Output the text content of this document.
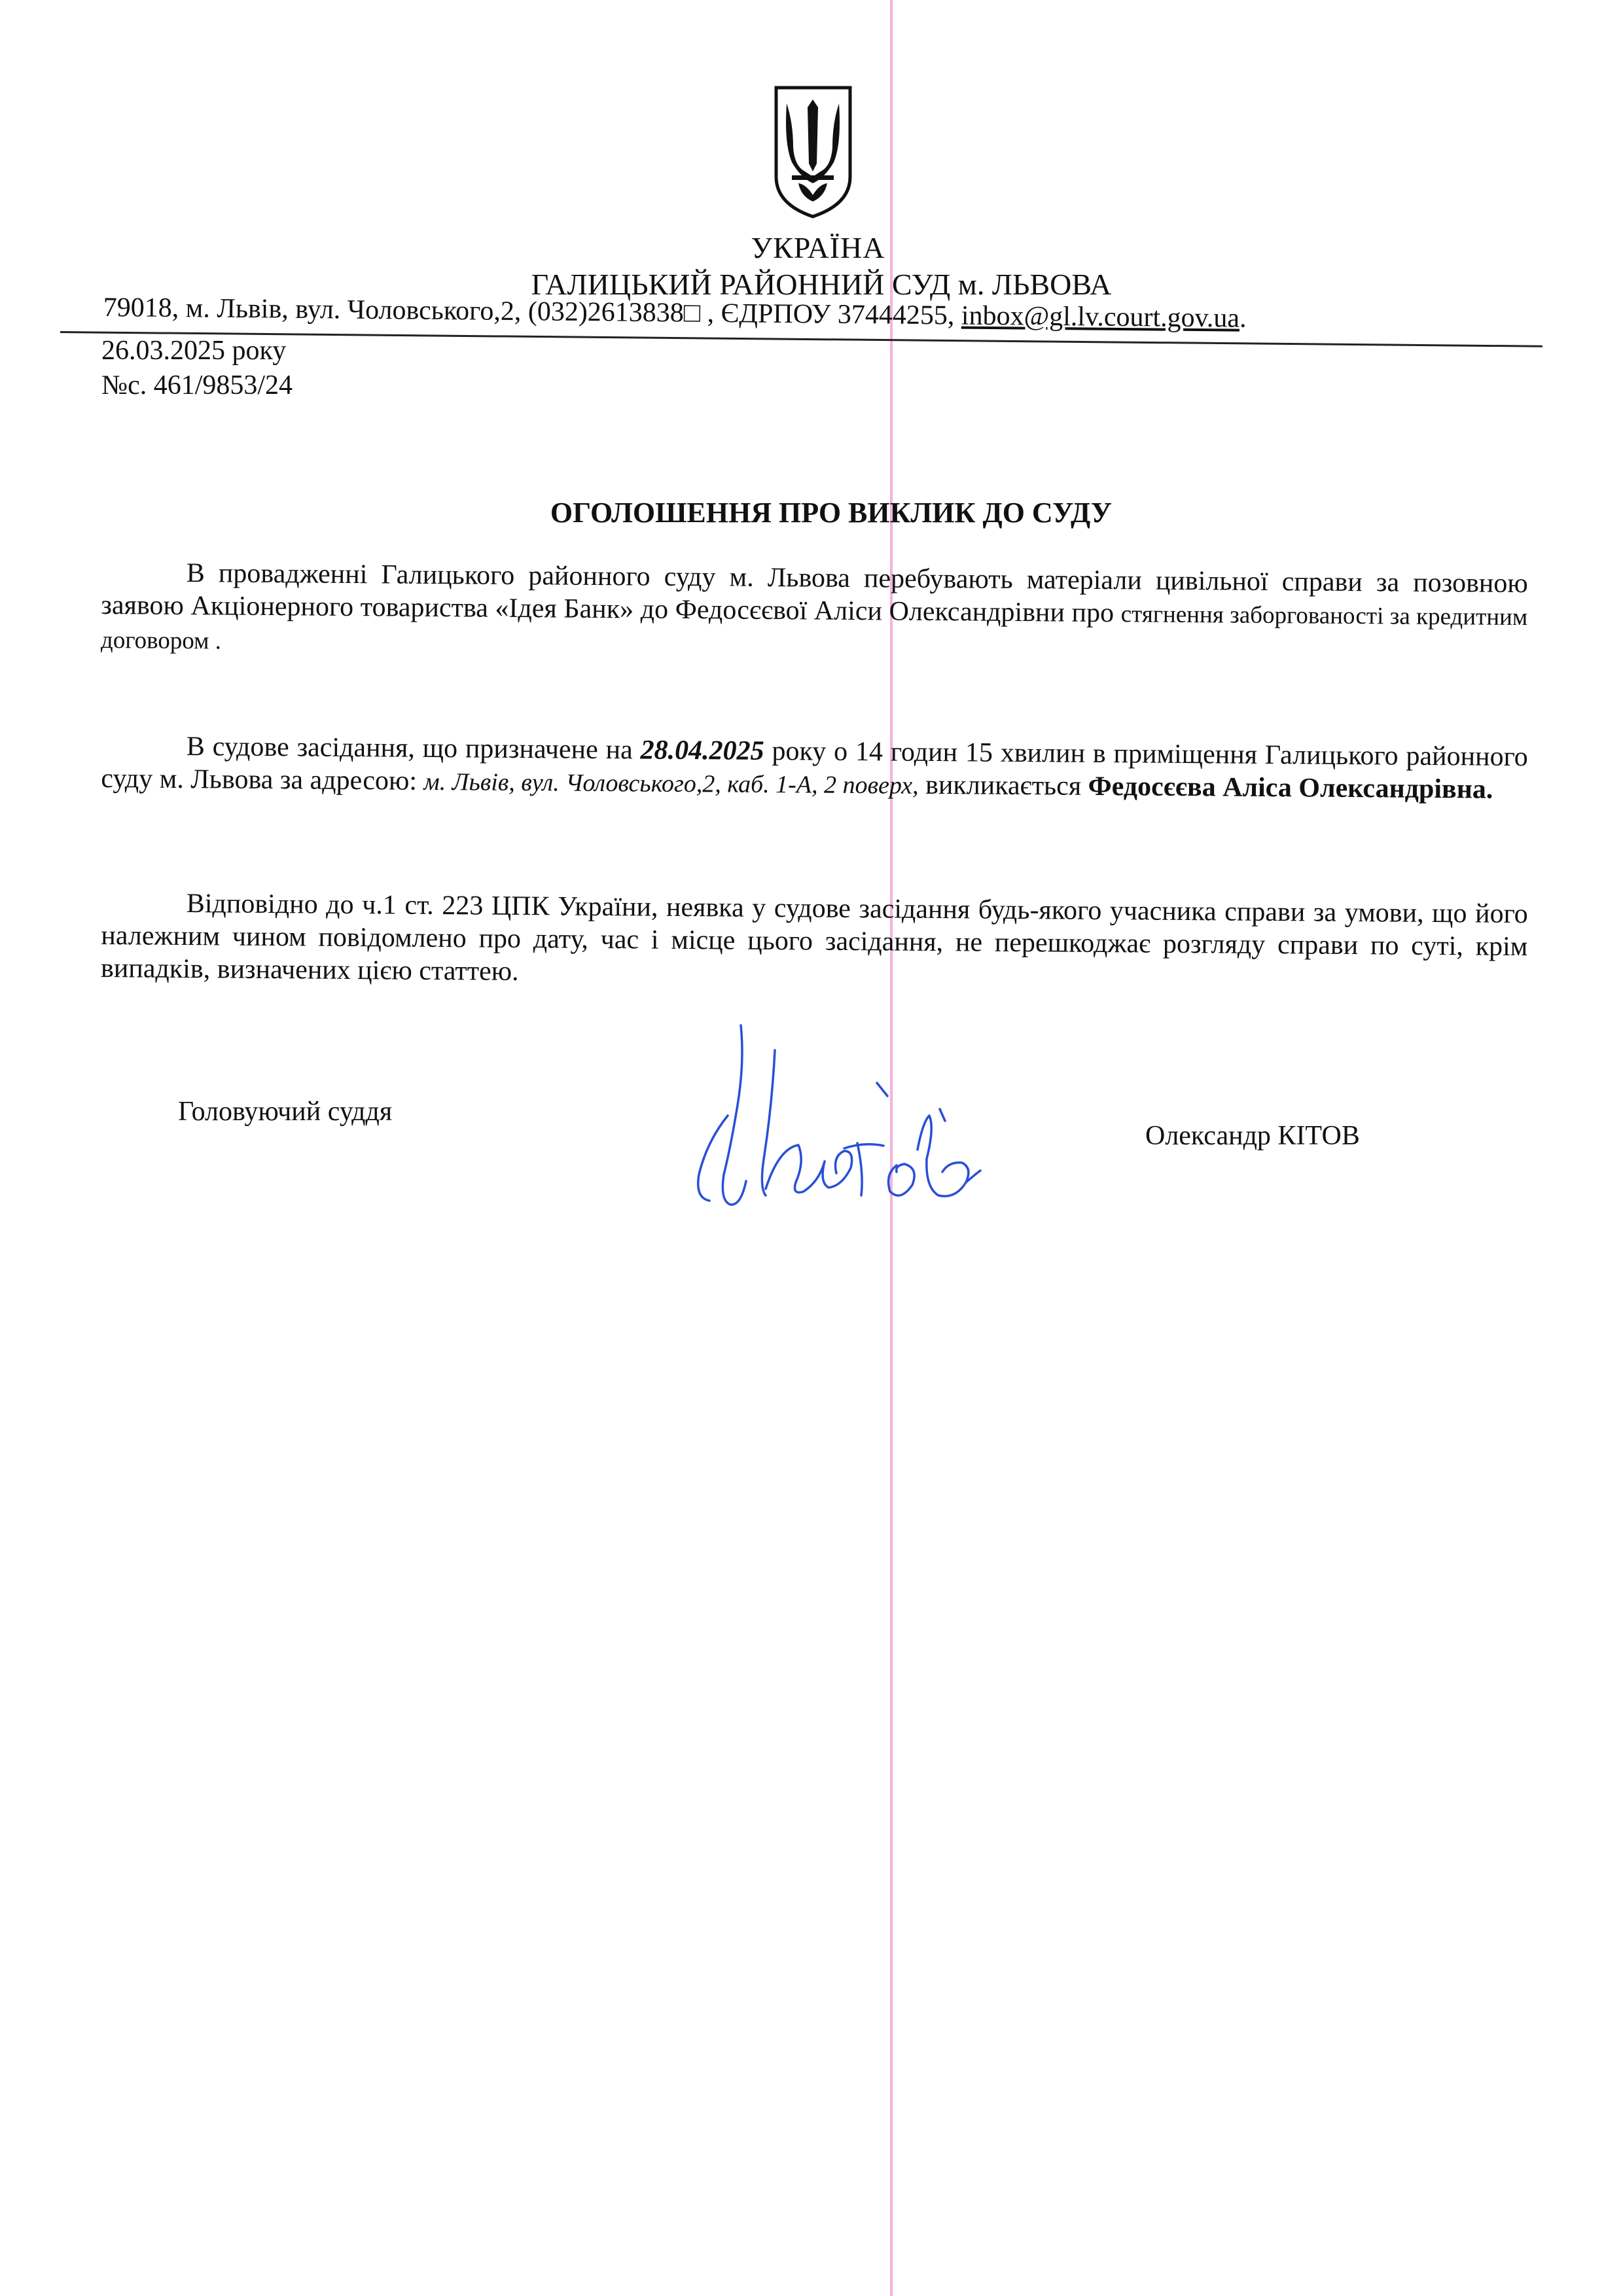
УКРАЇНА
ГАЛИЦЬКИЙ РАЙОННИЙ СУД м. ЛЬВОВА
79018, м. Львів, вул. Чоловського,2, (032)2613838□ , ЄДРПОУ 37444255, inbox@gl.lv.court.gov.ua.
26.03.2025 року
№с. 461/9853/24
ОГОЛОШЕННЯ ПРО ВИКЛИК ДО СУДУ
В провадженні Галицького районного суду м. Львова перебувають матеріали цивільної справи за позовною заявою Акціонерного товариства «Ідея Банк» до Федосєєвої Аліси Олександрівни про стягнення заборгованості за кредитним договором .
В судове засідання, що призначене на 28.04.2025 року о 14 годин 15 хвилин в приміщення Галицького районного суду м. Львова за адресою: м. Львів, вул. Чоловського,2, каб. 1-А, 2 поверх, викликається Федосєєва Аліса Олександрівна.
Відповідно до ч.1 ст. 223 ЦПК України, неявка у судове засідання будь-якого учасника справи за умови, що його належним чином повідомлено про дату, час і місце цього засідання, не перешкоджає розгляду справи по суті, крім випадків, визначених цією статтею.
Головуючий суддя
Олександр КІТОВ
